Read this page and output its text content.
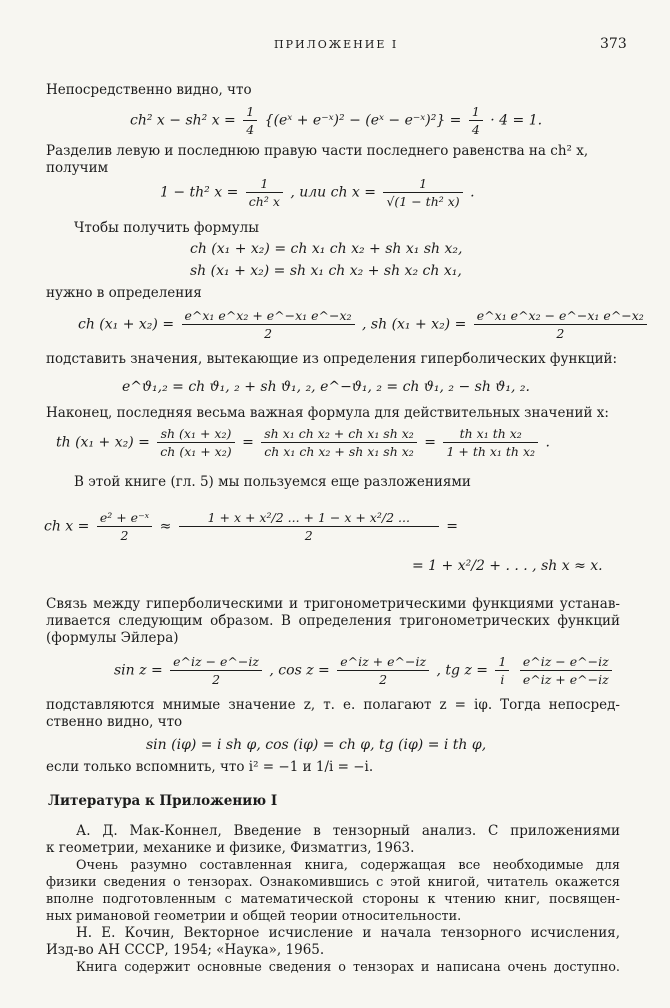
ПРИЛОЖЕНИЕ I	373
Непосредственно видно, что
ch² x − sh² $x = \frac{1}{4}$ {(eˣ + e⁻ˣ)² − (eˣ − e⁻ˣ)²} = $\frac{1}{4} \cdot 4 = 1$.
Разделив левую и последнюю правую части последнего равенства на ch² x,
получим
1 − th² $x = \frac{1}{\text{ch² x}}$ , или ch $x = \frac{1}{\text{√(1 − th² x)}}$ .
Чтобы получить формулы
ch (x₁ + x₂) = ch x₁ ch x₂ + sh x₁ sh x₂,
sh (x₁ + x₂) = sh x₁ ch x₂ + sh x₂ ch x₁,
нужно в определения
ch $(x_1 + x_2) = \frac{\text{e\textasciicircum{}x₁ e\textasciicircum{}x₂ + e\textasciicircum{}−x₁ e\textasciicircum{}−x₂}}{2}$ , sh $(x_1 + x_2) = \frac{\text{e\textasciicircum{}x₁ e\textasciicircum{}x₂ − e\textasciicircum{}−x₁ e\textasciicircum{}−x₂}}{2}$
подставить значения, вытекающие из определения гиперболических функций:
e^ϑ₁,₂ = ch ϑ₁, ₂ + sh ϑ₁, ₂, e^−ϑ₁, ₂ = ch ϑ₁, ₂ − sh ϑ₁, ₂.
Наконец, последняя весьма важная формула для действительных значений x:
th $(x_1 + x_2) = \frac{\text{sh (x₁ + x₂)}}{\text{ch (x₁ + x₂)}} = \frac{\text{sh x₁ ch x₂ + ch x₁ sh x₂}}{\text{ch x₁ ch x₂ + sh x₁ sh x₂}} = \frac{\text{th x₁ th x₂}}{\text{1 + th x₁ th x₂}}$ .
В этой книге (гл. 5) мы пользуемся еще разложениями
ch $x = \frac{\text{e² + e⁻ˣ}}{2} \approx \frac{\text{1 + x + x²/2 ... + 1 − x + x²/2 ...}}{2}$ =
= 1 + x²/2 + . . . , sh x ≈ x.
Связь между гиперболическими и тригонометрическими функциями устанав-
ливается следующим образом. В определения тригонометрических функций
(формулы Эйлера)
$\sin z = \frac{e\^{}iz - e\^{}-iz}{2}$ , $\cos z = \frac{e\^{}iz + e\^{}-iz}{2}$ , tg $z = \frac{1}{i}$
$\frac{e\^{}iz - e\^{}-iz}{e\^{}iz + e\^{}-iz}$
подставляются мнимые значение z, т. е. полагают z = iφ. Тогда непосред-
ственно видно, что
sin (iφ) = i sh φ, cos (iφ) = ch φ, tg (iφ) = i th φ,
если только вспомнить, что i² = −1 и 1/i = −i.
Литература к Приложению I
А. Д. Мак-Коннел, Введение в тензорный анализ. С приложениями
к геометрии, механике и физике, Физматгиз, 1963.
Очень разумно составленная книга, содержащая все необходимые для
физики сведения о тензорах. Ознакомившись с этой книгой, читатель окажется
вполне подготовленным с математической стороны к чтению книг, посвящен-
ных римановой геометрии и общей теории относительности.
Н. Е. Кочин, Векторное исчисление и начала тензорного исчисления,
Изд-во АН СССР, 1954; «Наука», 1965.
Книга содержит основные сведения о тензорах и написана очень доступно.
